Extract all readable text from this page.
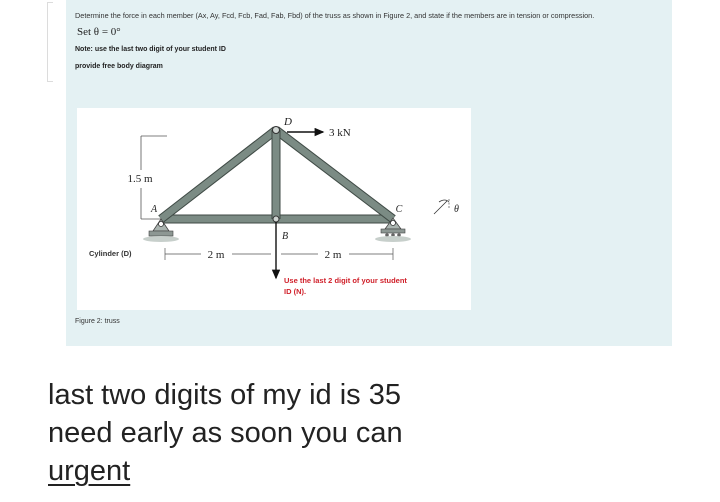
Determine the force in each member (Ax, Ay, Fcd, Fcb, Fad, Fab, Fbd) of the truss as shown in Figure 2, and state if the members are in tension or compression.
Set θ = 0°
Note: use the last two digit of your student ID
provide free body diagram
1.5 m
D
A
B
C
3 kN
2 m	2 m
θ
Cylinder (D)
Use the last 2 digit of your student
ID (N).
Figure 2: truss
last two digits of my id is 35
need early as soon you can
urgent
